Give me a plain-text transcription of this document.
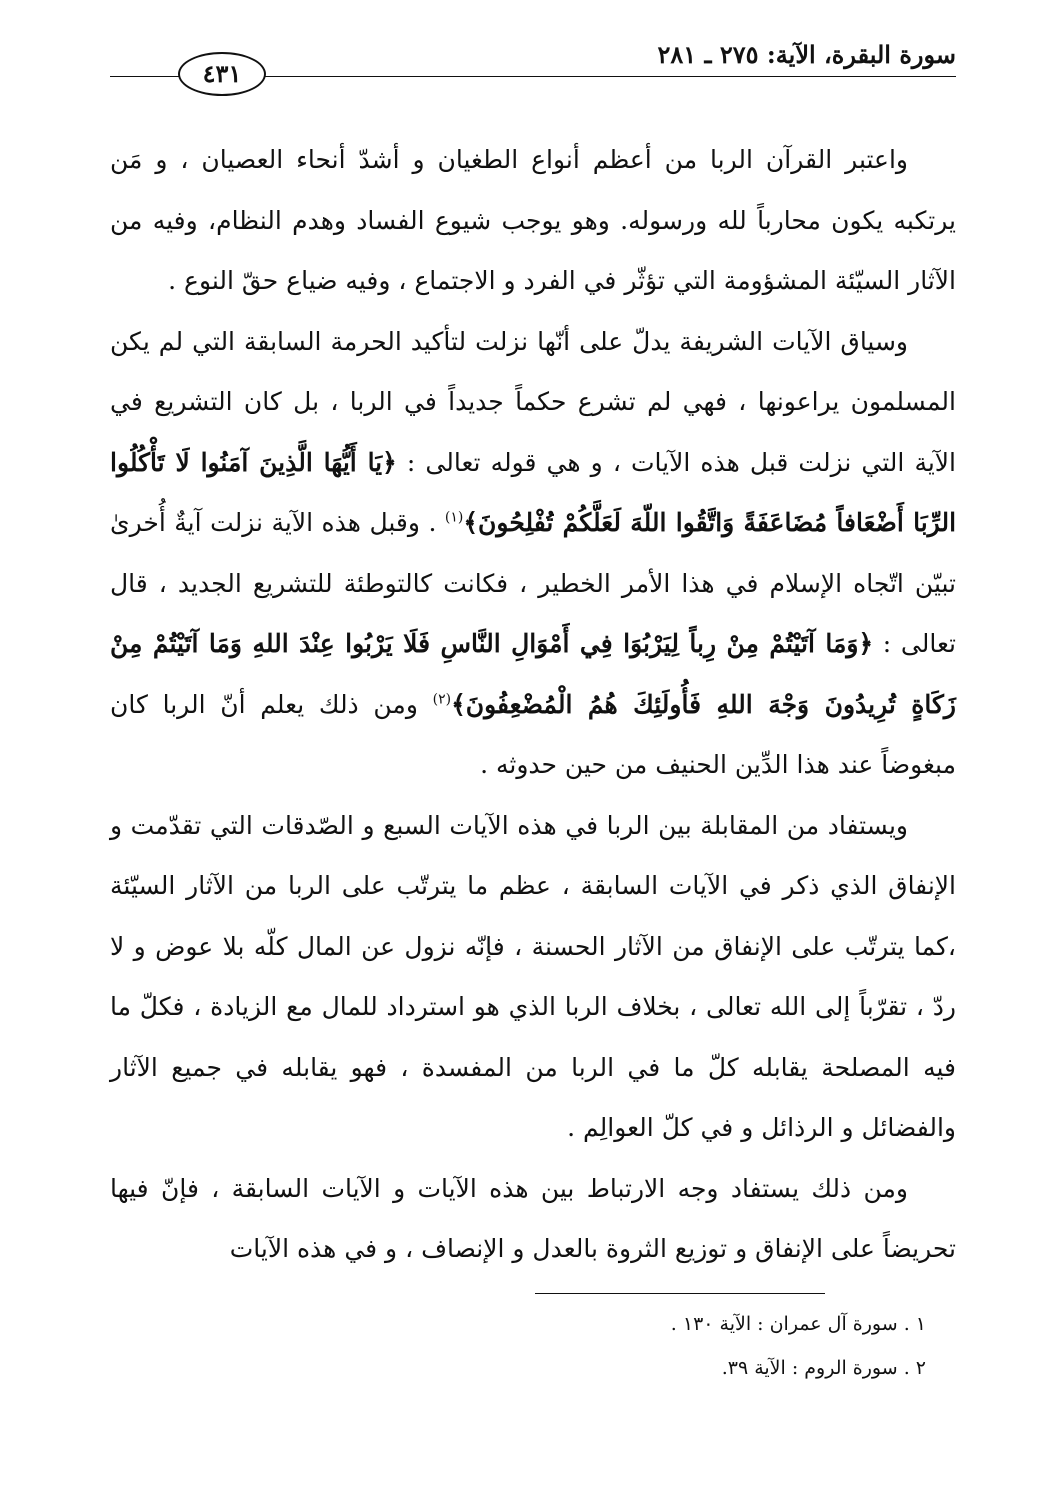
سورة البقرة، الآية: ٢٧٥ ـ ٢٨١
٤٣١

واعتبر القرآن الربا من أعظم أنواع الطغيان و أشدّ أنحاء العصيان ، و مَن يرتكبه يكون محارباً لله ورسوله. وهو يوجب شيوع الفساد وهدم النظام، وفيه من الآثار السيّئة المشؤومة التي تؤثّر في الفرد و الاجتماع ، وفيه ضياع حقّ النوع .

وسياق الآيات الشريفة يدلّ على أنّها نزلت لتأكيد الحرمة السابقة التي لم يكن المسلمون يراعونها ، فهي لم تشرع حكماً جديداً في الربا ، بل كان التشريع في الآية التي نزلت قبل هذه الآيات ، و هي قوله تعالى : ﴿يَا أَيُّهَا الَّذِينَ آمَنُوا لَا تَأْكُلُوا الرِّبَا أَضْعَافاً مُضَاعَفَةً وَاتَّقُوا اللّهَ لَعَلَّكُمْ تُفْلِحُونَ﴾$^{(١)}$ . وقبل هذه الآية نزلت آيةٌ أُخرىٰ تبيّن اتّجاه الإسلام في هذا الأمر الخطير ، فكانت كالتوطئة للتشريع الجديد ، قال تعالى : ﴿وَمَا آتَيْتُمْ مِنْ رِباً لِيَرْبُوَا فِي أَمْوَالِ النَّاسِ فَلَا يَرْبُوا عِنْدَ اللهِ وَمَا آتَيْتُمْ مِنْ زَكَاةٍ تُرِيدُونَ وَجْهَ اللهِ فَأُولَئِكَ هُمُ الْمُضْعِفُونَ﴾$^{(٢)}$ ومن ذلك يعلم أنّ الربا كان مبغوضاً عند هذا الدِّين الحنيف من حين حدوثه .

ويستفاد من المقابلة بين الربا في هذه الآيات السبع و الصّدقات التي تقدّمت و الإنفاق الذي ذكر في الآيات السابقة ، عظم ما يترتّب على الربا من الآثار السيّئة ،كما يترتّب على الإنفاق من الآثار الحسنة ، فإنّه نزول عن المال كلّه بلا عوض و لا ردّ ، تقرّباً إلى الله تعالى ، بخلاف الربا الذي هو استرداد للمال مع الزيادة ، فكلّ ما فيه المصلحة يقابله كلّ ما في الربا من المفسدة ، فهو يقابله في جميع الآثار والفضائل و الرذائل و في كلّ العوالِم .

ومن ذلك يستفاد وجه الارتباط بين هذه الآيات و الآيات السابقة ، فإنّ فيها تحريضاً على الإنفاق و توزيع الثروة بالعدل و الإنصاف ، و في هذه الآيات

١ . سورة آل عمران : الآية ١٣٠ .
٢ . سورة الروم : الآية ٣٩.
